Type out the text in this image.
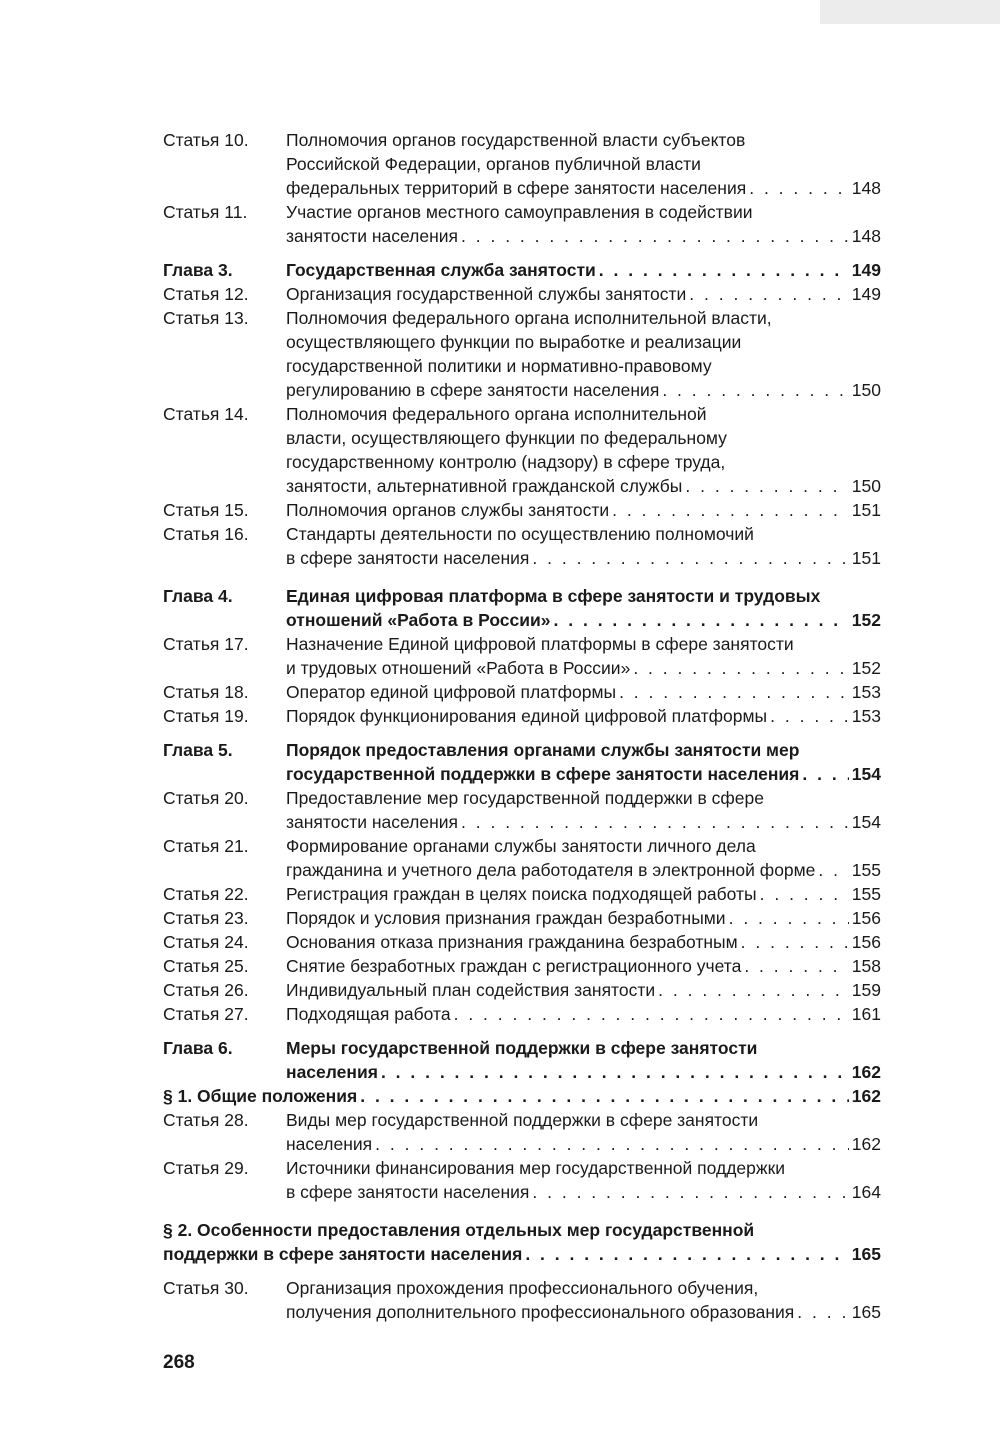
Статья 10.	Полномочия органов государственной власти субъектов
Российской Федерации, органов публичной власти
федеральных территорий в сфере занятости населения . . .	148
Статья 11.	Участие органов местного самоуправления в содействии
занятости населения . . .	148
Глава 3.	Государственная служба занятости . . .	149
Статья 12.	Организация государственной службы занятости . . .	149
Статья 13.	Полномочия федерального органа исполнительной власти,
осуществляющего функции по выработке и реализации
государственной политики и нормативно-правовому
регулированию в сфере занятости населения . . .	150
Статья 14.	Полномочия федерального органа исполнительной
власти, осуществляющего функции по федеральному
государственному контролю (надзору) в сфере труда,
занятости, альтернативной гражданской службы . . .	150
Статья 15.	Полномочия органов службы занятости . . .	151
Статья 16.	Стандарты деятельности по осуществлению полномочий
в сфере занятости населения . . .	151
Глава 4.	Единая цифровая платформа в сфере занятости и трудовых
отношений «Работа в России» . . .	152
Статья 17.	Назначение Единой цифровой платформы в сфере занятости
и трудовых отношений «Работа в России» . . .	152
Статья 18.	Оператор единой цифровой платформы . . .	153
Статья 19.	Порядок функционирования единой цифровой платформы . . .	153
Глава 5.	Порядок предоставления органами службы занятости мер
государственной поддержки в сфере занятости населения . . .	154
Статья 20.	Предоставление мер государственной поддержки в сфере
занятости населения . . .	154
Статья 21.	Формирование органами службы занятости личного дела
гражданина и учетного дела работодателя в электронной форме . . . 155
Статья 22.	Регистрация граждан в целях поиска подходящей работы . . .	155
Статья 23.	Порядок и условия признания граждан безработными . . .	156
Статья 24.	Основания отказа признания гражданина безработным . . .	156
Статья 25.	Снятие безработных граждан с регистрационного учета . . .	158
Статья 26.	Индивидуальный план содействия занятости . . .	159
Статья 27.	Подходящая работа . . .	161
Глава 6.	Меры государственной поддержки в сфере занятости
населения . . .	162
§ 1. Общие положения . . .	162
Статья 28.	Виды мер государственной поддержки в сфере занятости
населения . . .	162
Статья 29.	Источники финансирования мер государственной поддержки
в сфере занятости населения . . .	164
§ 2. Особенности предоставления отдельных мер государственной
поддержки в сфере занятости населения . . .	165
Статья 30.	Организация прохождения профессионального обучения,
получения дополнительного профессионального образования . . .	165
268
